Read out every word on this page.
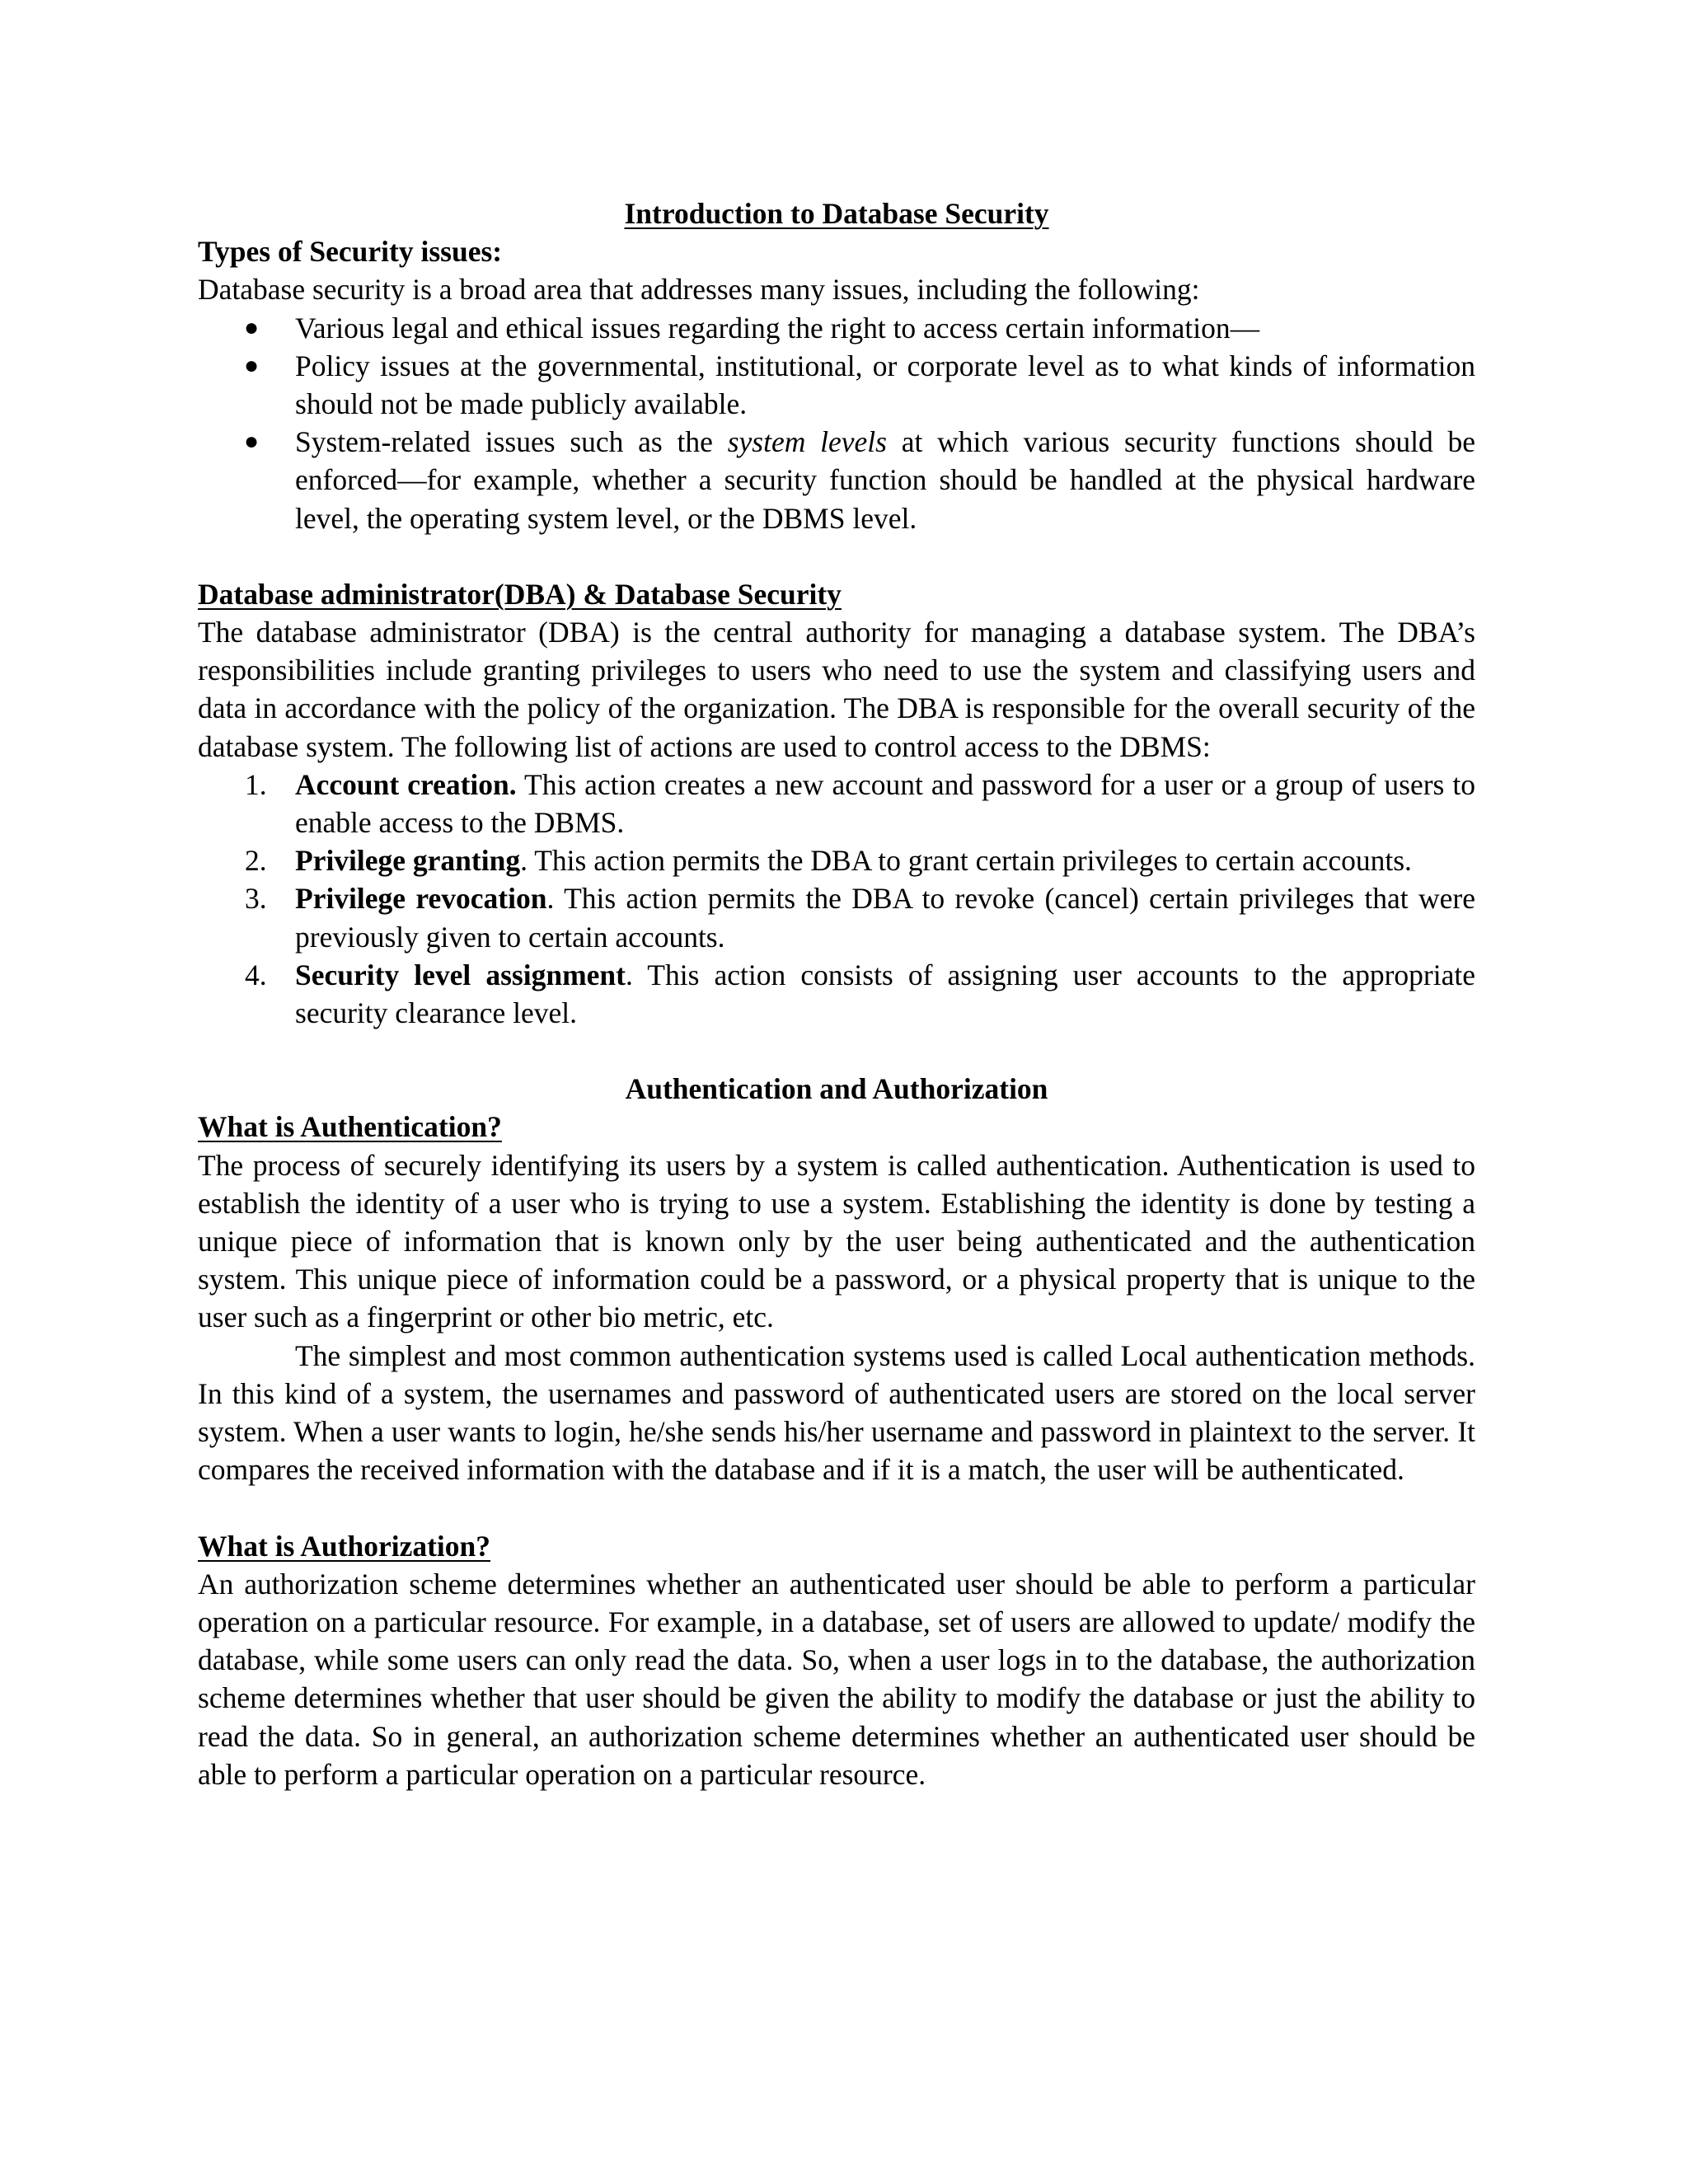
Introduction to Database Security

Types of Security issues:

Database security is a broad area that addresses many issues, including the following:

● Various legal and ethical issues regarding the right to access certain information—
● Policy issues at the governmental, institutional, or corporate level as to what kinds of information should not be made publicly available.
● System-related issues such as the system levels at which various security functions should be enforced—for example, whether a security function should be handled at the physical hardware level, the operating system level, or the DBMS level.

Database administrator(DBA) & Database Security

The database administrator (DBA) is the central authority for managing a database system. The DBA’s responsibilities include granting privileges to users who need to use the system and classifying users and data in accordance with the policy of the organization. The DBA is responsible for the overall security of the database system. The following list of actions are used to control access to the DBMS:

1. Account creation. This action creates a new account and password for a user or a group of users to enable access to the DBMS.
2. Privilege granting. This action permits the DBA to grant certain privileges to certain accounts.
3. Privilege revocation. This action permits the DBA to revoke (cancel) certain privileges that were previously given to certain accounts.
4. Security level assignment. This action consists of assigning user accounts to the appropriate security clearance level.

Authentication and Authorization

What is Authentication?

The process of securely identifying its users by a system is called authentication. Authentication is used to establish the identity of a user who is trying to use a system. Establishing the identity is done by testing a unique piece of information that is known only by the user being authenticated and the authentication system. This unique piece of information could be a password, or a physical property that is unique to the user such as a fingerprint or other bio metric, etc.

The simplest and most common authentication systems used is called Local authentication methods. In this kind of a system, the usernames and password of authenticated users are stored on the local server system. When a user wants to login, he/she sends his/her username and password in plaintext to the server. It compares the received information with the database and if it is a match, the user will be authenticated.

What is Authorization?

An authorization scheme determines whether an authenticated user should be able to perform a particular operation on a particular resource. For example, in a database, set of users are allowed to update/ modify the database, while some users can only read the data. So, when a user logs in to the database, the authorization scheme determines whether that user should be given the ability to modify the database or just the ability to read the data. So in general, an authorization scheme determines whether an authenticated user should be able to perform a particular operation on a particular resource.
